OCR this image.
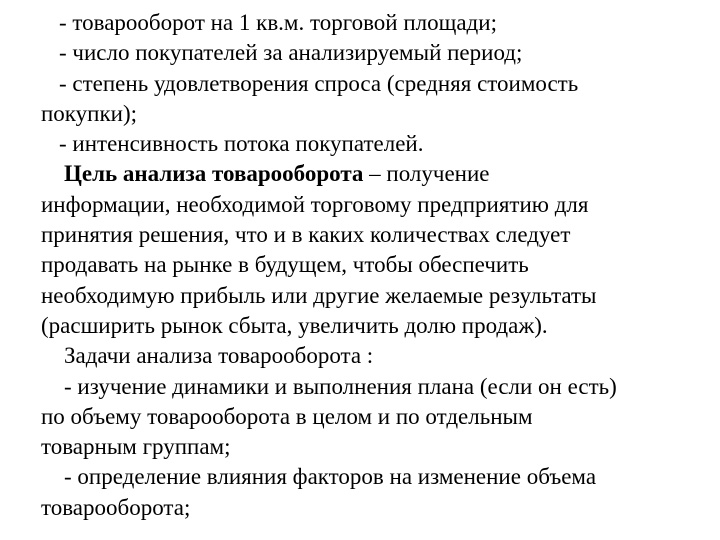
- товарооборот на 1 кв.м. торговой площади;
- число покупателей за анализируемый период;
- степень удовлетворения спроса (средняя стоимость
покупки);
- интенсивность потока покупателей.
Цель анализа товарооборота – получение
информации, необходимой торговому предприятию для
принятия решения, что и в каких количествах следует
продавать на рынке в будущем, чтобы обеспечить
необходимую прибыль или другие желаемые результаты
(расширить рынок сбыта, увеличить долю продаж).
Задачи анализа товарооборота :
- изучение динамики и выполнения плана (если он есть)
по объему товарооборота в целом и по отдельным
товарным группам;
- определение влияния факторов на изменение объема
товарооборота;
